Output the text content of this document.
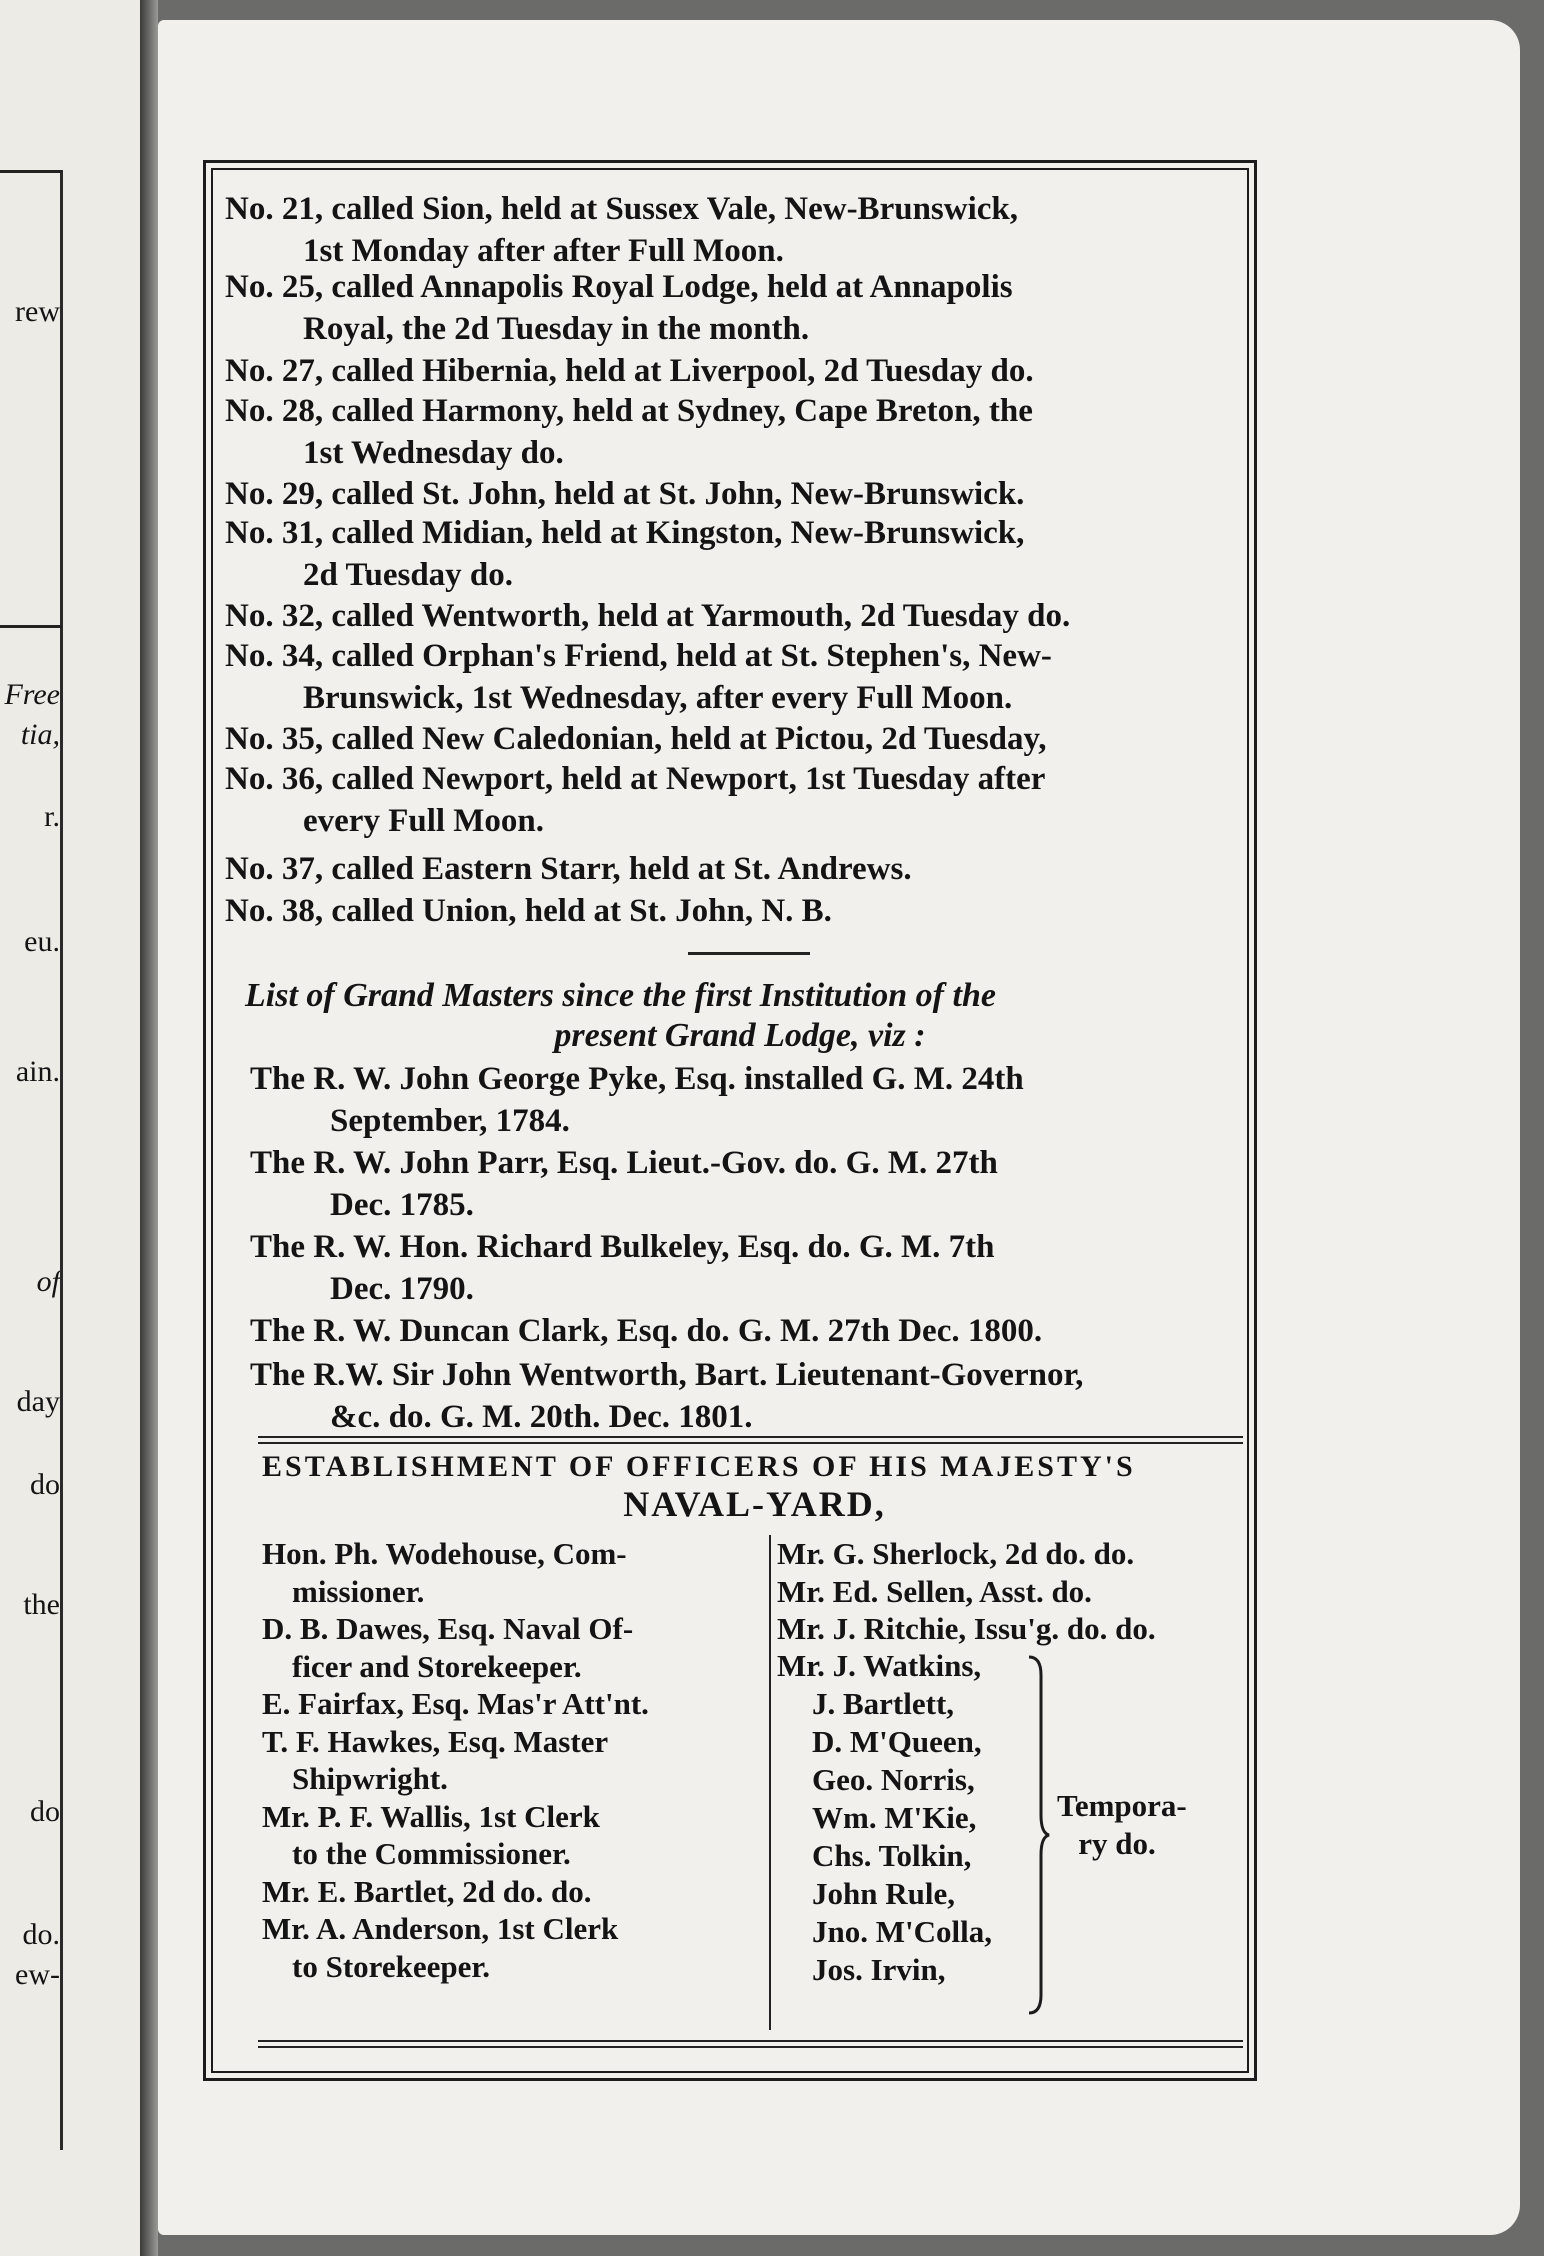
rew
Free
tia,
r.
eu.
ain.
of
day
do
the
do
do.
ew-
No. 21, called Sion, held at Sussex Vale, New-Brunswick,
1st Monday after after Full Moon.
No. 25, called Annapolis Royal Lodge, held at Annapolis
Royal, the 2d Tuesday in the month.
No. 27, called Hibernia, held at Liverpool, 2d Tuesday do.
No. 28, called Harmony, held at Sydney, Cape Breton, the
1st Wednesday do.
No. 29, called St. John, held at St. John, New-Brunswick.
No. 31, called Midian, held at Kingston, New-Brunswick,
2d Tuesday do.
No. 32, called Wentworth, held at Yarmouth, 2d Tuesday do.
No. 34, called Orphan's Friend, held at St. Stephen's, New-
Brunswick, 1st Wednesday, after every Full Moon.
No. 35, called New Caledonian, held at Pictou, 2d Tuesday,
No. 36, called Newport, held at Newport, 1st Tuesday after
every Full Moon.
No. 37, called Eastern Starr, held at St. Andrews.
No. 38, called Union, held at St. John, N. B.
List of Grand Masters since the first Institution of the
present Grand Lodge, viz :
The R. W. John George Pyke, Esq. installed G. M. 24th
September, 1784.
The R. W. John Parr, Esq. Lieut.-Gov. do. G. M. 27th
Dec. 1785.
The R. W. Hon. Richard Bulkeley, Esq. do. G. M. 7th
Dec. 1790.
The R. W. Duncan Clark, Esq. do. G. M. 27th Dec. 1800.
The R.W. Sir John Wentworth, Bart. Lieutenant-Governor,
&c. do. G. M. 20th. Dec. 1801.
ESTABLISHMENT OF OFFICERS OF HIS MAJESTY'S
NAVAL-YARD,
Hon. Ph. Wodehouse, Com-
missioner.
D. B. Dawes, Esq. Naval Of-
ficer and Storekeeper.
E. Fairfax, Esq. Mas'r Att'nt.
T. F. Hawkes, Esq. Master
Shipwright.
Mr. P. F. Wallis, 1st Clerk
to the Commissioner.
Mr. E. Bartlet, 2d do. do.
Mr. A. Anderson, 1st Clerk
to Storekeeper.
Mr. G. Sherlock, 2d do. do.
Mr. Ed. Sellen, Asst. do.
Mr. J. Ritchie, Issu'g. do. do.
Mr. J. Watkins,
J. Bartlett,
D. M'Queen,
Geo. Norris,
Wm. M'Kie,
Chs. Tolkin,
John Rule,
Jno. M'Colla,
Jos. Irvin,
Tempora-
ry do.
